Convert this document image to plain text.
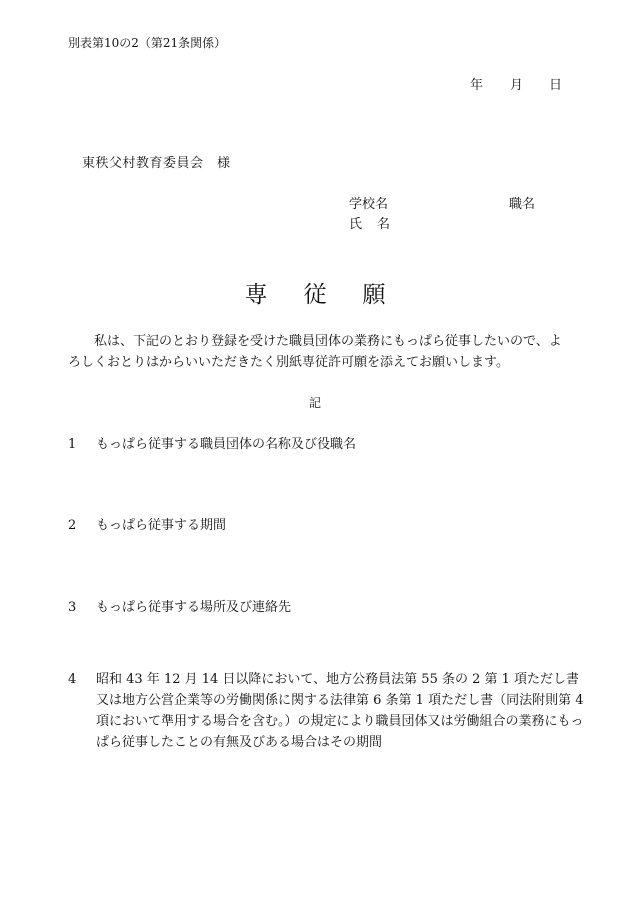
別表第10の2（第21条関係）
年 月 日
東秩父村教育委員会　様
学校名	職名
氏　名
専従願
私は、下記のとおり登録を受けた職員団体の業務にもっぱら従事したいので、よろしくおとりはからいいただきたく別紙専従許可願を添えてお願いします。
記
1 もっぱら従事する職員団体の名称及び役職名
2 もっぱら従事する期間
3 もっぱら従事する場所及び連絡先
4 昭和 43 年 12 月 14 日以降において、地方公務員法第 55 条の 2 第 1 項ただし書又は地方公営企業等の労働関係に関する法律第 6 条第 1 項ただし書（同法附則第 4 項において準用する場合を含む。）の規定により職員団体又は労働組合の業務にもっぱら従事したことの有無及びある場合はその期間
